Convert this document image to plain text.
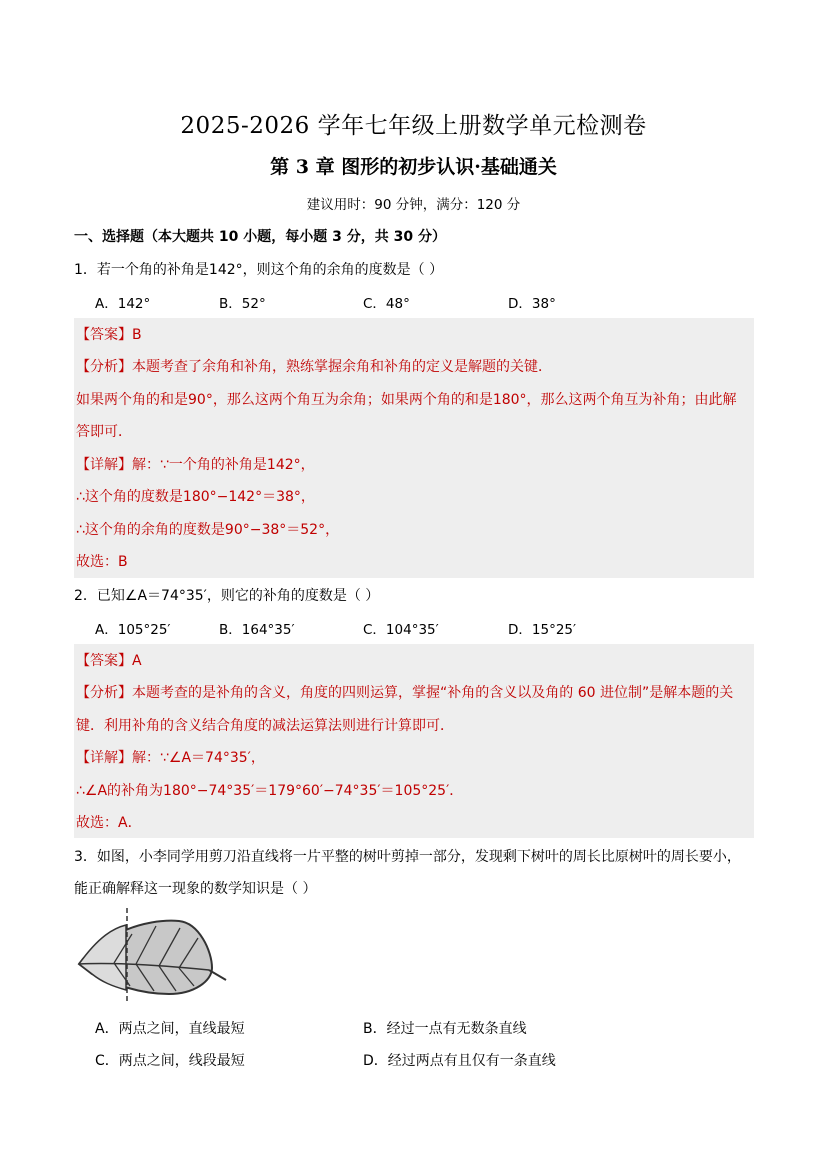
2025-2026 学年七年级上册数学单元检测卷
第 3 章 图形的初步认识·基础通关
建议用时：90 分钟，满分：120 分
一、选择题（本大题共 10 小题，每小题 3 分，共 30 分）
1．若一个角的补角是142°，则这个角的余角的度数是（ ）
A．142°	B．52°	C．48°	D．38°
【答案】B
【分析】本题考查了余角和补角，熟练掌握余角和补角的定义是解题的关键．
如果两个角的和是90°，那么这两个角互为余角；如果两个角的和是180°，那么这两个角互为补角；由此解
答即可．
【详解】解：∵一个角的补角是142°，
∴这个角的度数是180°−142°＝38°，
∴这个角的余角的度数是90°−38°＝52°，
故选：B
2．已知∠A＝74°35′，则它的补角的度数是（ ）
A．105°25′	B．164°35′	C．104°35′	D．15°25′
【答案】A
【分析】本题考查的是补角的含义，角度的四则运算，掌握“补角的含义以及角的 60 进位制”是解本题的关
键．利用补角的含义结合角度的减法运算法则进行计算即可．
【详解】解：∵∠A＝74°35′，
∴∠A的补角为180°−74°35′＝179°60′−74°35′＝105°25′．
故选：A．
3．如图，小李同学用剪刀沿直线将一片平整的树叶剪掉一部分，发现剩下树叶的周长比原树叶的周长要小，
能正确解释这一现象的数学知识是（ ）
A．两点之间，直线最短	B．经过一点有无数条直线
C．两点之间，线段最短	D．经过两点有且仅有一条直线
